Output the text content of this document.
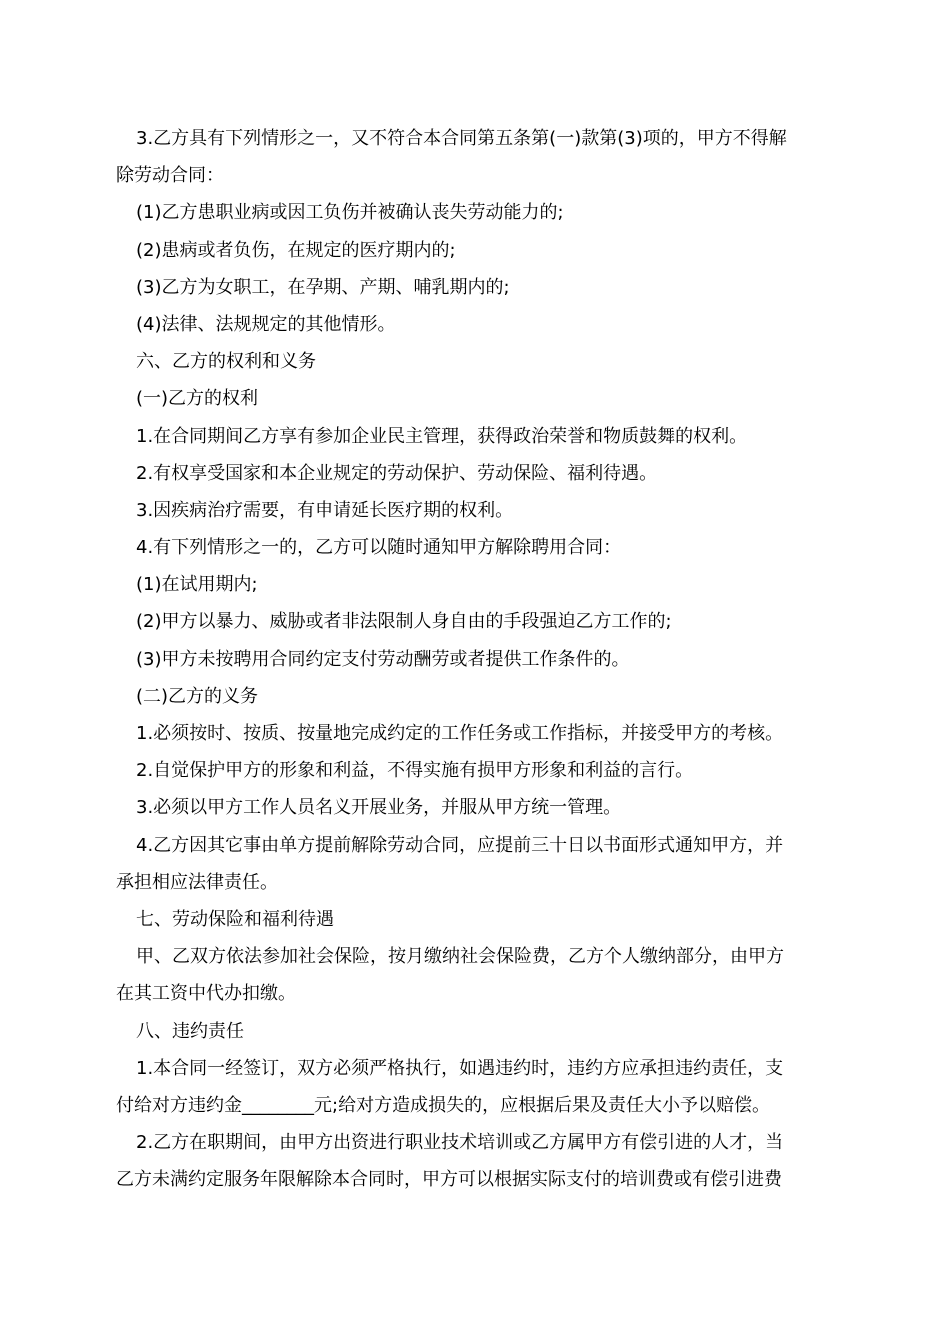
3.乙方具有下列情形之一，又不符合本合同第五条第(一)款第(3)项的，甲方不得解
除劳动合同：
(1)乙方患职业病或因工负伤并被确认丧失劳动能力的;
(2)患病或者负伤，在规定的医疗期内的;
(3)乙方为女职工，在孕期、产期、哺乳期内的;
(4)法律、法规规定的其他情形。
六、乙方的权利和义务
(一)乙方的权利
1.在合同期间乙方享有参加企业民主管理，获得政治荣誉和物质鼓舞的权利。
2.有权享受国家和本企业规定的劳动保护、劳动保险、福利待遇。
3.因疾病治疗需要，有申请延长医疗期的权利。
4.有下列情形之一的，乙方可以随时通知甲方解除聘用合同：
(1)在试用期内;
(2)甲方以暴力、威胁或者非法限制人身自由的手段强迫乙方工作的;
(3)甲方未按聘用合同约定支付劳动酬劳或者提供工作条件的。
(二)乙方的义务
1.必须按时、按质、按量地完成约定的工作任务或工作指标，并接受甲方的考核。
2.自觉保护甲方的形象和利益，不得实施有损甲方形象和利益的言行。
3.必须以甲方工作人员名义开展业务，并服从甲方统一管理。
4.乙方因其它事由单方提前解除劳动合同，应提前三十日以书面形式通知甲方，并
承担相应法律责任。
七、劳动保险和福利待遇
甲、乙双方依法参加社会保险，按月缴纳社会保险费，乙方个人缴纳部分，由甲方
在其工资中代办扣缴。
八、违约责任
1.本合同一经签订，双方必须严格执行，如遇违约时，违约方应承担违约责任，支
付给对方违约金________元;给对方造成损失的，应根据后果及责任大小予以赔偿。
2.乙方在职期间，由甲方出资进行职业技术培训或乙方属甲方有偿引进的人才，当
乙方未满约定服务年限解除本合同时，甲方可以根据实际支付的培训费或有偿引进费
